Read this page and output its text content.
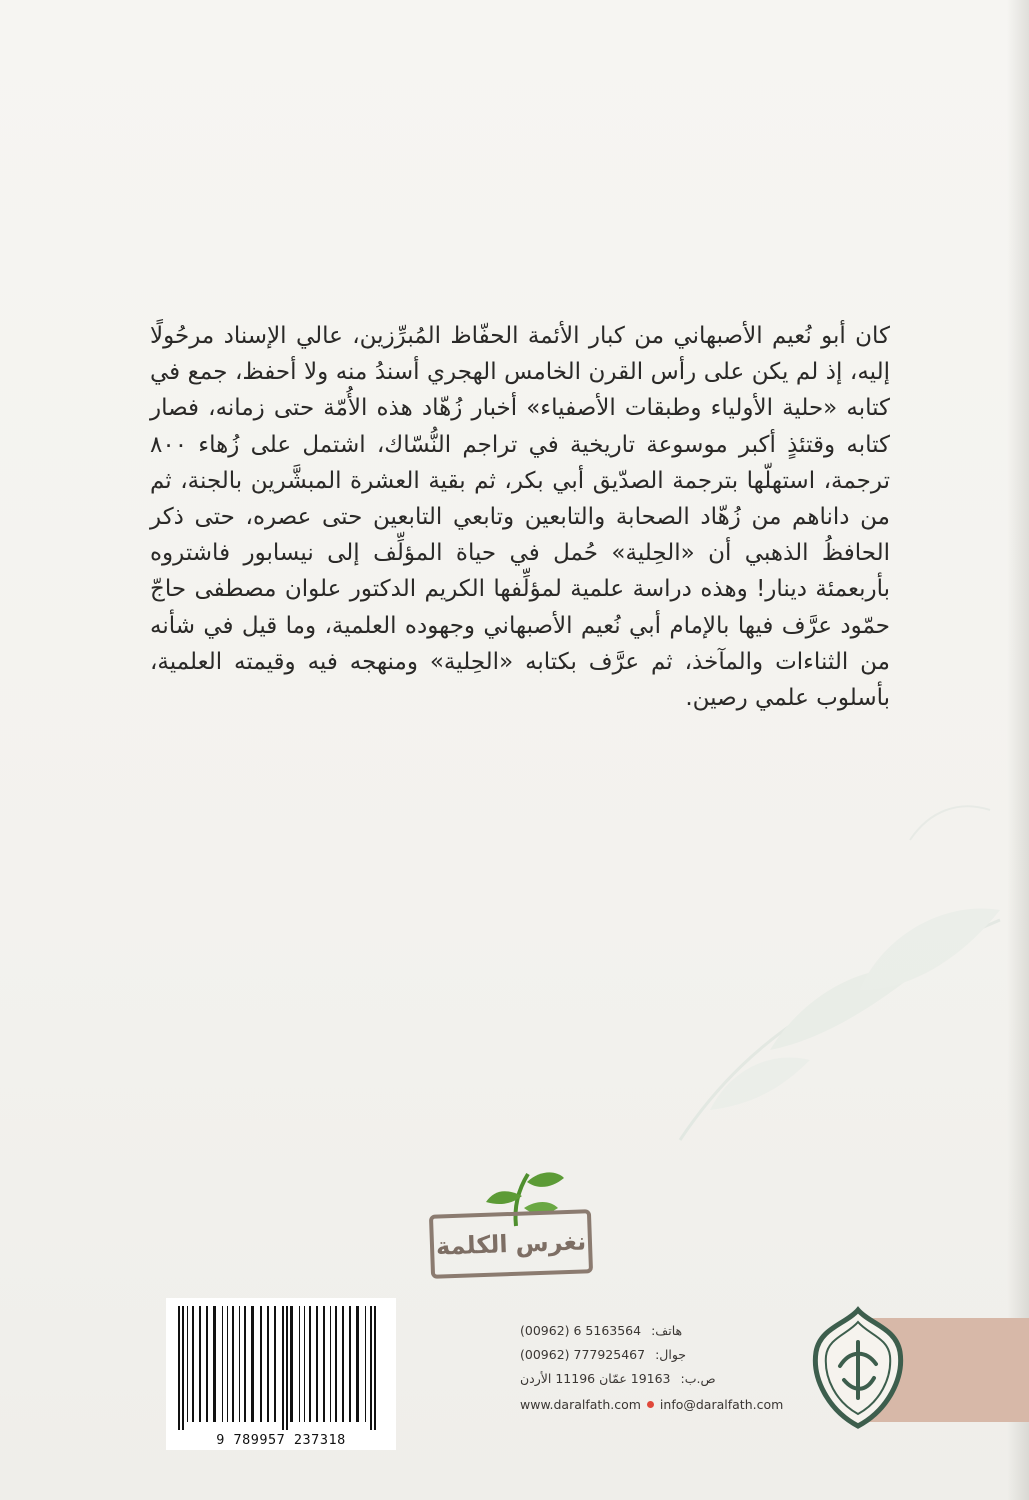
كان أبو نُعيم الأصبهاني من كبار الأئمة الحفّاظ المُبرِّزين، عالي الإسناد مرحُولًا إليه، إذ لم يكن على رأس القرن الخامس الهجري أسندُ منه ولا أحفظ، جمع في كتابه «حلية الأولياء وطبقات الأصفياء» أخبار زُهّاد هذه الأُمّة حتى زمانه، فصار كتابه وقتئذٍ أكبر موسوعة تاريخية في تراجم النُّسّاك، اشتمل على زُهاء ٨٠٠ ترجمة، استهلّها بترجمة الصدّيق أبي بكر، ثم بقية العشرة المبشَّرين بالجنة، ثم من داناهم من زُهّاد الصحابة والتابعين وتابعي التابعين حتى عصره، حتى ذكر الحافظُ الذهبي أن «الحِلية» حُمل في حياة المؤلِّف إلى نيسابور فاشتروه بأربعمئة دينار! وهذه دراسة علمية لمؤلِّفها الكريم الدكتور علوان مصطفى حاجّ حمّود عرَّف فيها بالإمام أبي نُعيم الأصبهاني وجهوده العلمية، وما قيل في شأنه من الثناءات والمآخذ، ثم عرَّف بكتابه «الحِلية» ومنهجه فيه وقيمته العلمية، بأسلوب علمي رصين.
نغرس
الكلمة
9 789957 237318
هاتف:
(00962) 6 5163564
جوال:
(00962) 777925467
ص.ب:
19163 عمّان 11196 الأردن
www.daralfath.com info@daralfath.com
